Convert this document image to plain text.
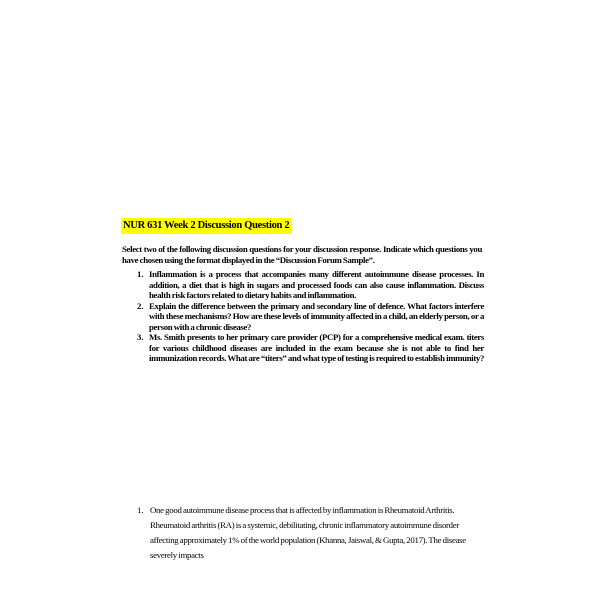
NUR 631 Week 2 Discussion Question 2

Select two of the following discussion questions for your discussion response. Indicate which questions you have chosen using the format displayed in the “Discussion Forum Sample”.

1. Inflammation is a process that accompanies many different autoimmune disease processes. In addition, a diet that is high in sugars and processed foods can also cause inflammation. Discuss health risk factors related to dietary habits and inflammation.
2. Explain the difference between the primary and secondary line of defence. What factors interfere with these mechanisms? How are these levels of immunity affected in a child, an elderly person, or a person with a chronic disease?
3. Ms. Smith presents to her primary care provider (PCP) for a comprehensive medical exam. titers for various childhood diseases are included in the exam because she is not able to find her immunization records. What are “titers” and what type of testing is required to establish immunity?
1. One good autoimmune disease process that is affected by inflammation is Rheumatoid Arthritis. Rheumatoid arthritis (RA) is a systemic, debilitating, chronic inflammatory autoimmune disorder affecting approximately 1% of the world population (Khanna, Jaiswal, & Gupta, 2017). The disease severely impacts
